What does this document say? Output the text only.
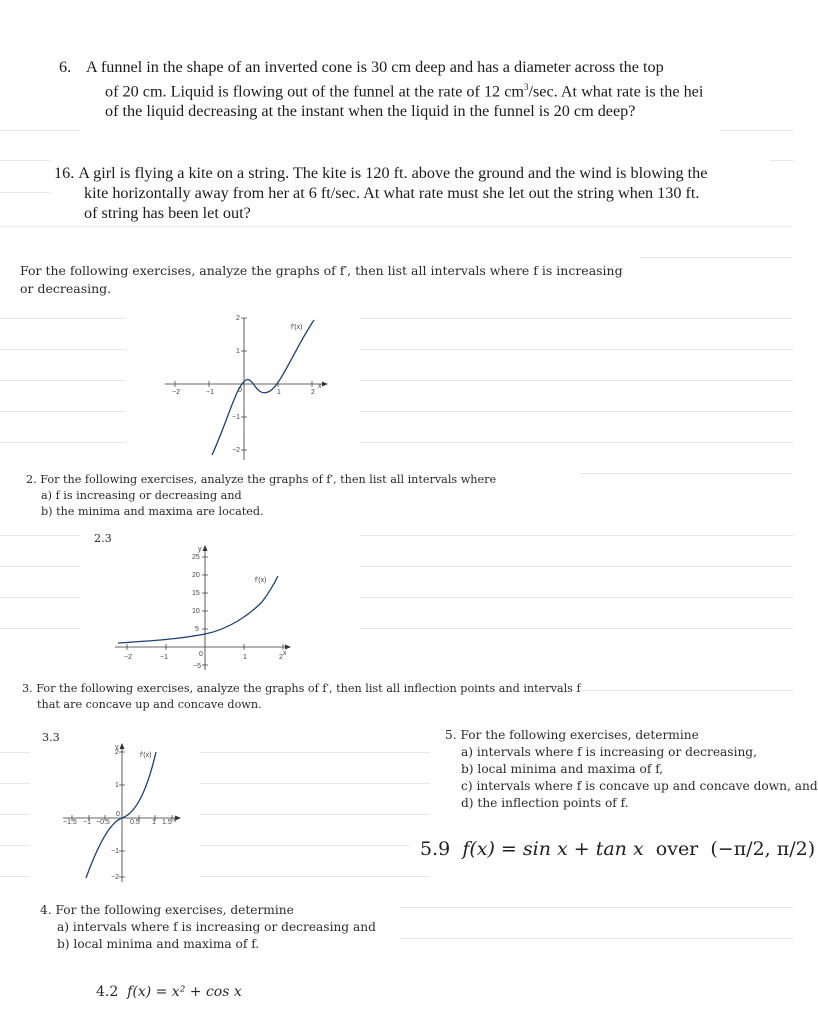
6. A funnel in the shape of an inverted cone is 30 cm deep and has a diameter across the top
of 20 cm. Liquid is flowing out of the funnel at the rate of 12 $cm^3/\sec$. At what rate is the hei
of the liquid decreasing at the instant when the liquid in the funnel is 20 cm deep?
16. A girl is flying a kite on a string. The kite is 120 ft. above the ground and the wind is blowing the
kite horizontally away from her at 6 ft/sec. At what rate must she let out the string when 130 ft.
of string has been let out?
For the following exercises, analyze the graphs of f′, then list all intervals where f is increasing
or decreasing.
−2	−1	1	2
x
2
1
−1
−2
0
f′(x)
2. For the following exercises, analyze the graphs of f′, then list all intervals where
a) f is increasing or decreasing and
b) the minima and maxima are located.
2.3
−2	−1	1	2
x
y
25
20
15
10
5
−5
0
f′(x)
3. For the following exercises, analyze the graphs of f′, then list all inflection points and intervals f
that are concave up and concave down.
3.3
−1.5 −1 −0.5	0.5 1 1.5 x
y
2
1
−1
−2
0
f′(x)
5. For the following exercises, determine
a) intervals where f is increasing or decreasing,
b) local minima and maxima of f,
c) intervals where f is concave up and concave down, and
d) the inflection points of f.
5.9 f(x) = sin x + tan x over (−π/2, π/2)
4. For the following exercises, determine
a) intervals where f is increasing or decreasing and
b) local minima and maxima of f.
4.2 f(x) = x² + cos x
